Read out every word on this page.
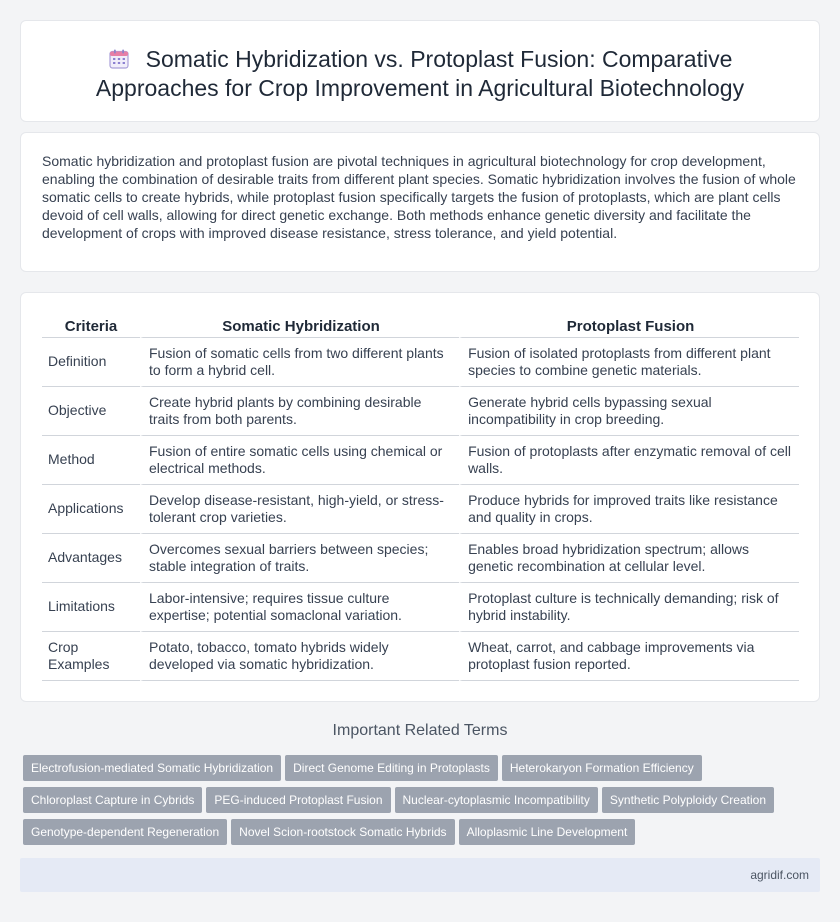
Somatic Hybridization vs. Protoplast Fusion: Comparative Approaches for Crop Improvement in Agricultural Biotechnology

Somatic hybridization and protoplast fusion are pivotal techniques in agricultural biotechnology for crop development, enabling the combination of desirable traits from different plant species. Somatic hybridization involves the fusion of whole somatic cells to create hybrids, while protoplast fusion specifically targets the fusion of protoplasts, which are plant cells devoid of cell walls, allowing for direct genetic exchange. Both methods enhance genetic diversity and facilitate the development of crops with improved disease resistance, stress tolerance, and yield potential.

Criteria	Somatic Hybridization	Protoplast Fusion
Definition	Fusion of somatic cells from two different plants to form a hybrid cell.	Fusion of isolated protoplasts from different plant species to combine genetic materials.
Objective	Create hybrid plants by combining desirable traits from both parents.	Generate hybrid cells bypassing sexual incompatibility in crop breeding.
Method	Fusion of entire somatic cells using chemical or electrical methods.	Fusion of protoplasts after enzymatic removal of cell walls.
Applications	Develop disease-resistant, high-yield, or stress-tolerant crop varieties.	Produce hybrids for improved traits like resistance and quality in crops.
Advantages	Overcomes sexual barriers between species; stable integration of traits.	Enables broad hybridization spectrum; allows genetic recombination at cellular level.
Limitations	Labor-intensive; requires tissue culture expertise; potential somaclonal variation.	Protoplast culture is technically demanding; risk of hybrid instability.
Crop Examples	Potato, tobacco, tomato hybrids widely developed via somatic hybridization.	Wheat, carrot, and cabbage improvements via protoplast fusion reported.
Important Related Terms
Electrofusion-mediated Somatic Hybridization Direct Genome Editing in Protoplasts Heterokaryon Formation Efficiency
Chloroplast Capture in Cybrids PEG-induced Protoplast Fusion Nuclear-cytoplasmic Incompatibility Synthetic Polyploidy Creation
Genotype-dependent Regeneration Novel Scion-rootstock Somatic Hybrids Alloplasmic Line Development
agridif.com
